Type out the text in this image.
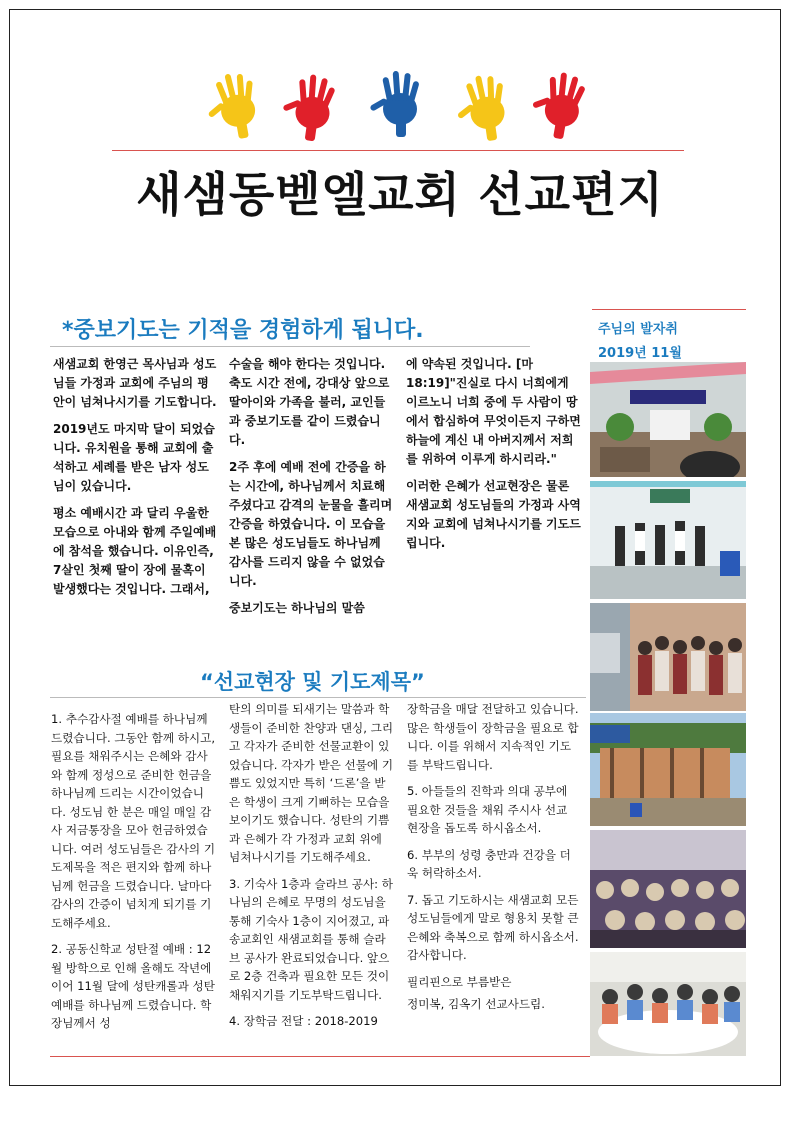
새샘동벧엘교회 선교편지
*중보기도는 기적을 경험하게 됩니다.	주님의 발자취
2019년 11월

새샘교회 한영근 목사님과 성도님들 가정과 교회에 주님의 평안이 넘쳐나시기를 기도합니다.

2019년도 마지막 달이 되었습니다. 유치원을 통해 교회에 출석하고 세례를 받은 남자 성도님이 있습니다.

평소 예배시간 과 달리 우울한 모습으로 아내와 함께 주일예배에 참석을 했습니다. 이유인즉, 7살인 첫째 딸이 장에 물혹이 발생했다는 것입니다. 그래서,

수술을 해야 한다는 것입니다. 축도 시간 전에, 강대상 앞으로 딸아이와 가족을 불러, 교인들과 중보기도를 같이 드렸습니다.

2주 후에 예배 전에 간증을 하는 시간에, 하나님께서 치료해주셨다고 감격의 눈물을 흘리며 간증을 하였습니다. 이 모습을 본 많은 성도님들도 하나님께 감사를 드리지 않을 수 없었습니다.

중보기도는 하나님의 말씀

에 약속된 것입니다. [마18:19]"진실로 다시 너희에게 이르노니 너희 중에 두 사람이 땅에서 합심하여 무엇이든지 구하면 하늘에 계신 내 아버지께서 저희를 위하여 이루게 하시리라."

이러한 은혜가 선교현장은 물론 새샘교회 성도님들의 가정과 사역지와 교회에 넘쳐나시기를 기도드립니다.

“선교현장 및 기도제목”

1. 추수감사절 예배를 하나님께 드렸습니다. 그동안 함께 하시고, 필요를 채워주시는 은혜와 감사와 함께 정성으로 준비한 헌금을 하나님께 드리는 시간이었습니다. 성도님 한 분은 매일 매일 감사 저금통장을 모아 헌금하였습니다. 여러 성도님들은 감사의 기도제목을 적은 편지와 함께 하나님께 헌금을 드렸습니다. 날마다 감사의 간증이 넘치게 되기를 기도해주세요.

2. 공동신학교 성탄절 예배 : 12월 방학으로 인해 올해도 작년에 이어 11월 달에 성탄캐롤과 성탄예배를 하나님께 드렸습니다. 학장님께서 성

탄의 의미를 되새기는 말씀과 학생들이 준비한 찬양과 댄싱, 그리고 각자가 준비한 선물교환이 있었습니다. 각자가 받은 선물에 기쁨도 있었지만 특히 ‘드론’을 받은 학생이 크게 기뻐하는 모습을 보이기도 했습니다. 성탄의 기쁨과 은혜가 각 가정과 교회 위에 넘쳐나시기를 기도해주세요.

3. 기숙사 1층과 슬라브 공사: 하나님의 은혜로 무명의 성도님을 통해 기숙사 1층이 지어졌고, 파송교회인 새샘교회를 통해 슬라브 공사가 완료되었습니다. 앞으로 2층 건축과 필요한 모든 것이 채워지기를 기도부탁드립니다.

4. 장학금 전달 : 2018-2019

장학금을 매달 전달하고 있습니다. 많은 학생들이 장학금을 필요로 합니다. 이를 위해서 지속적인 기도를 부탁드립니다.

5. 아들들의 진학과 의대 공부에 필요한 것들을 채워 주시사 선교 현장을 돕도록 하시옵소서.

6. 부부의 성령 충만과 건강을 더욱 허락하소서.

7. 돕고 기도하시는 새샘교회 모든 성도님들에게 말로 형용치 못할 큰 은혜와 축복으로 함께 하시옵소서. 감사합니다.

필리핀으로 부름받은

정미복, 김옥기 선교사드림.
